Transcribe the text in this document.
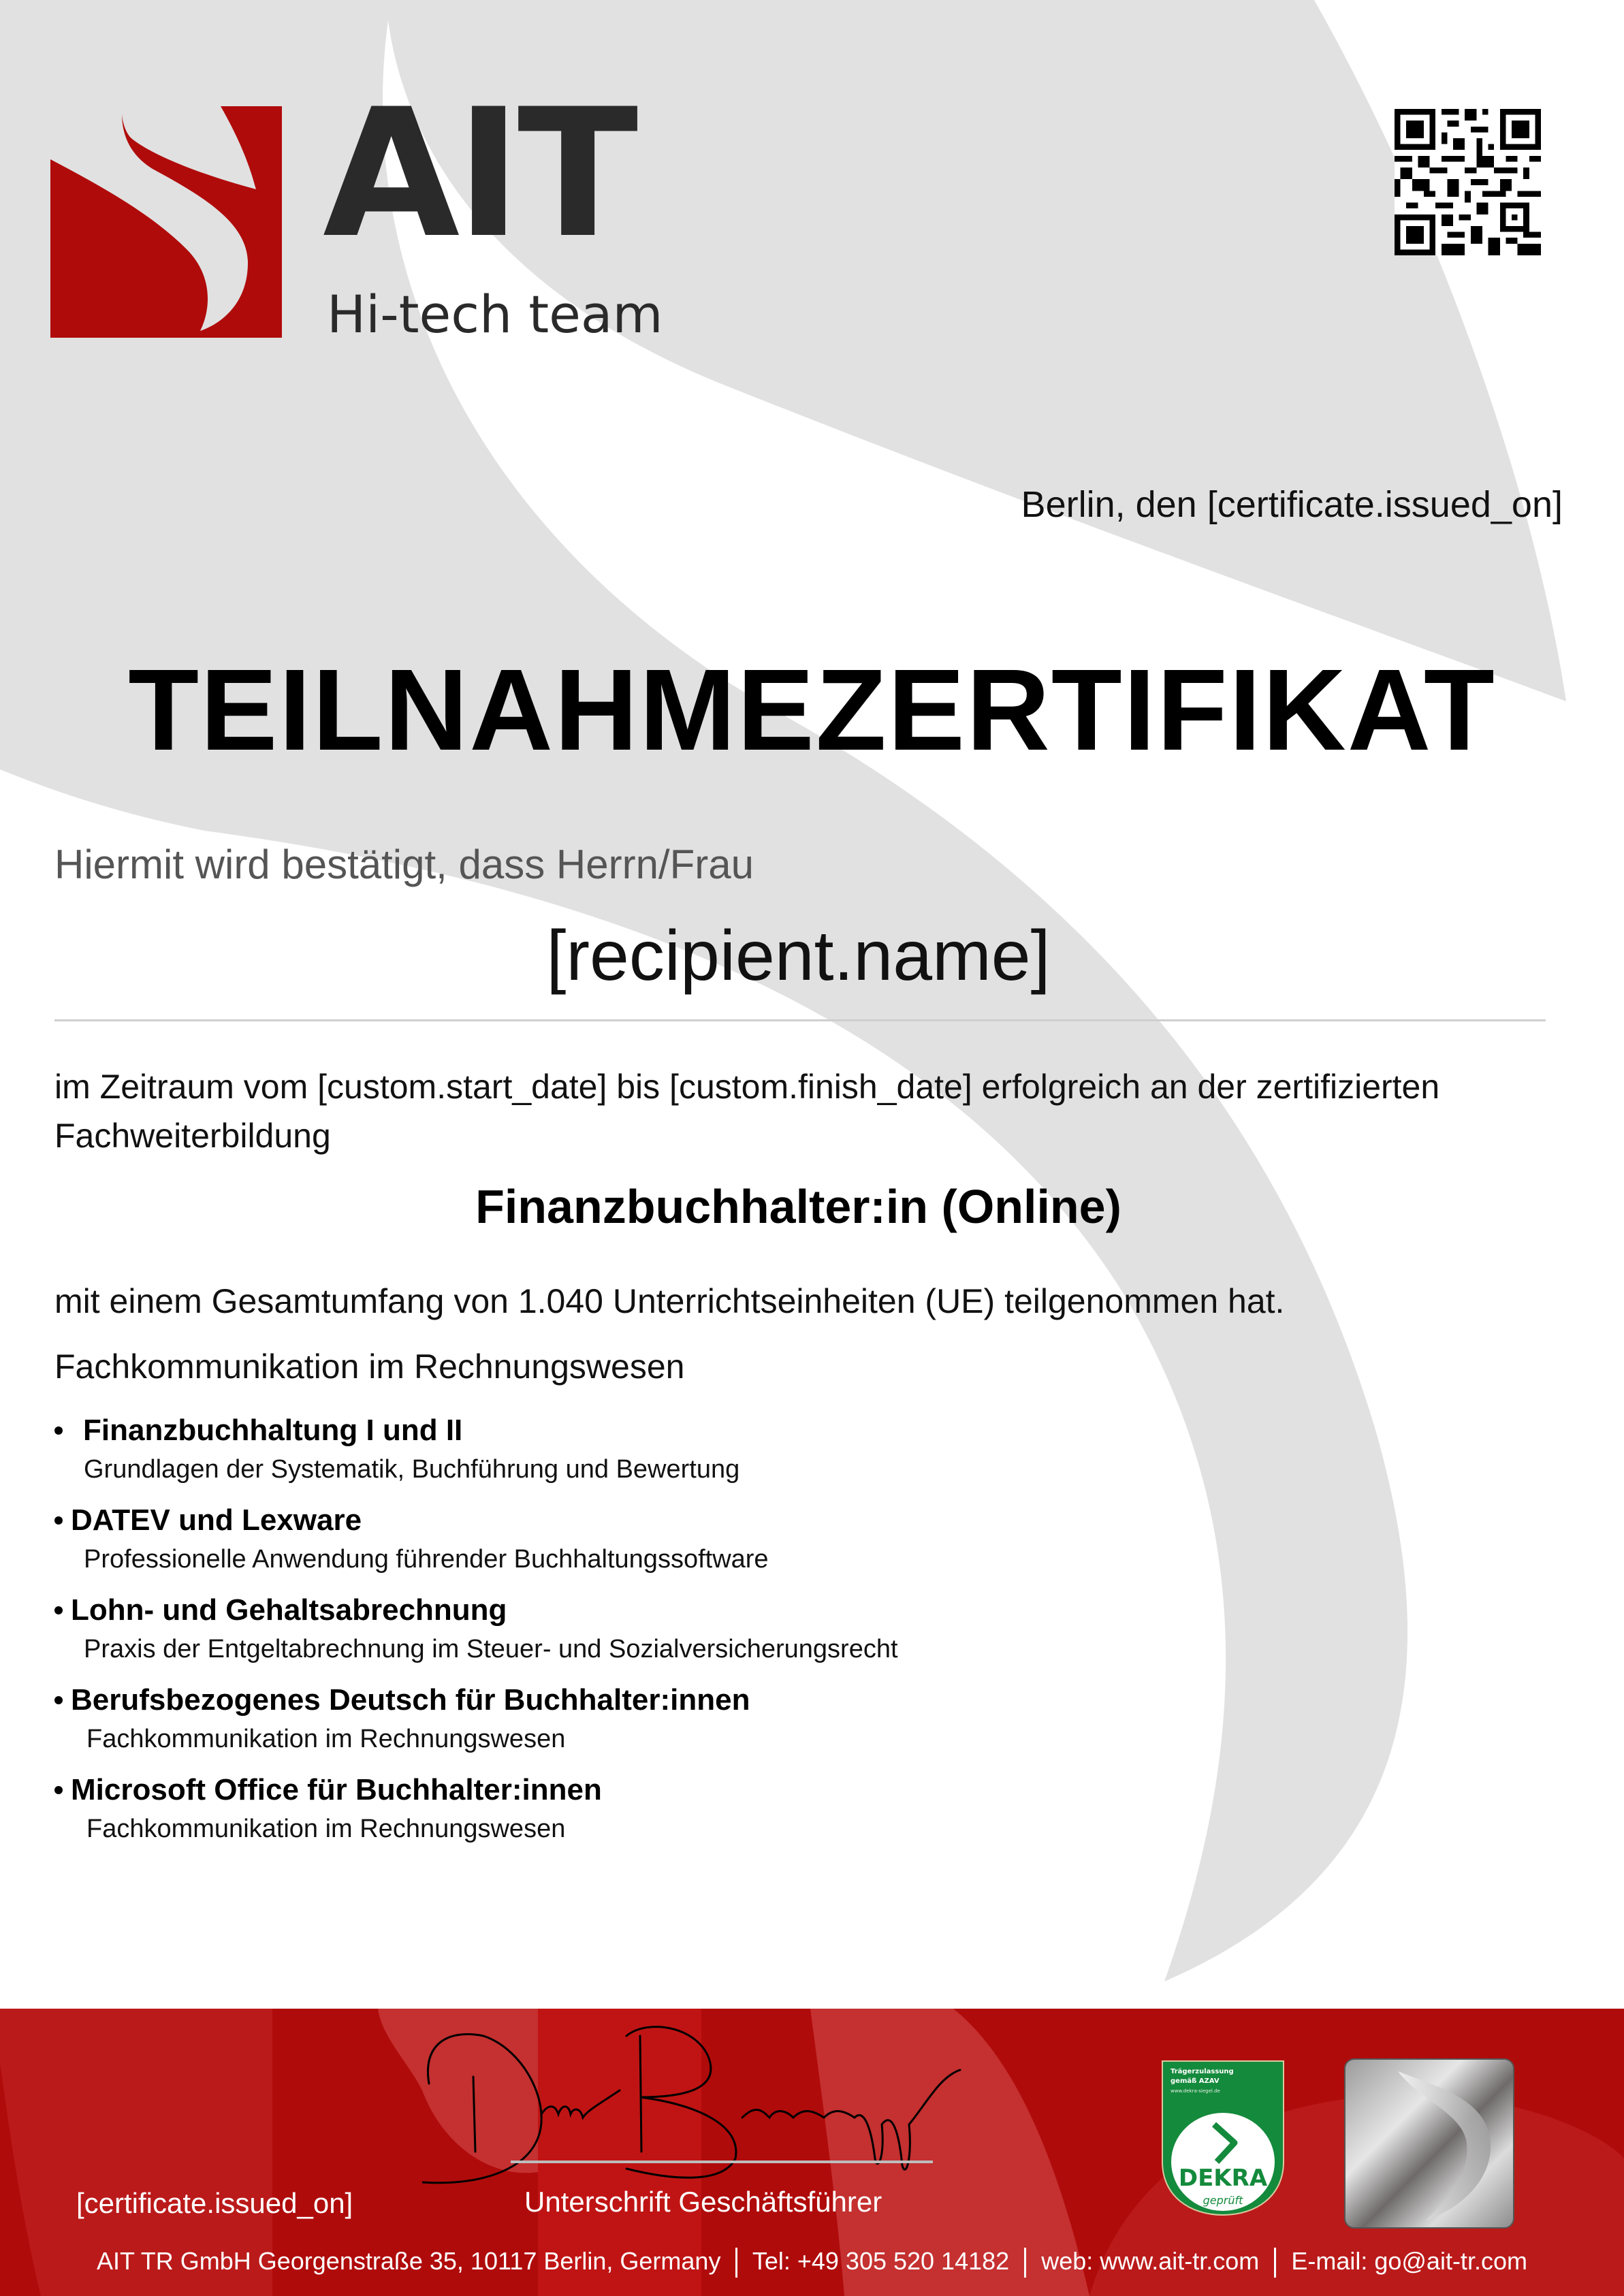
AIT
Hi-tech team
Berlin, den [certificate.issued_on]
TEILNAHMEZERTIFIKAT
Hiermit wird bestätigt, dass Herrn/Frau
[recipient.name]
im Zeitraum vom [custom.start_date] bis [custom.finish_date] erfolgreich an der zertifizierten Fachweiterbildung
Finanzbuchhalter:in (Online)
mit einem Gesamtumfang von 1.040 Unterrichtseinheiten (UE) teilgenommen hat.
Fachkommunikation im Rechnungswesen
Finanzbuchhaltung I und II
Grundlagen der Systematik, Buchführung und Bewertung
DATEV und Lexware
Professionelle Anwendung führender Buchhaltungssoftware
Lohn- und Gehaltsabrechnung
Praxis der Entgeltabrechnung im Steuer- und Sozialversicherungsrecht
Berufsbezogenes Deutsch für Buchhalter:innen
Fachkommunikation im Rechnungswesen
Microsoft Office für Buchhalter:innen
Fachkommunikation im Rechnungswesen
Unterschrift Geschäftsführer
[certificate.issued_on]
Trägerzulassung
gemäß AZAV
www.dekra-siegel.de
DEKRA
geprüft
AIT TR GmbH Georgenstraße 35, 10117 Berlin, Germany Tel: +49 305 520 14182 web: www.ait-tr.com E-mail: go@ait-tr.com
